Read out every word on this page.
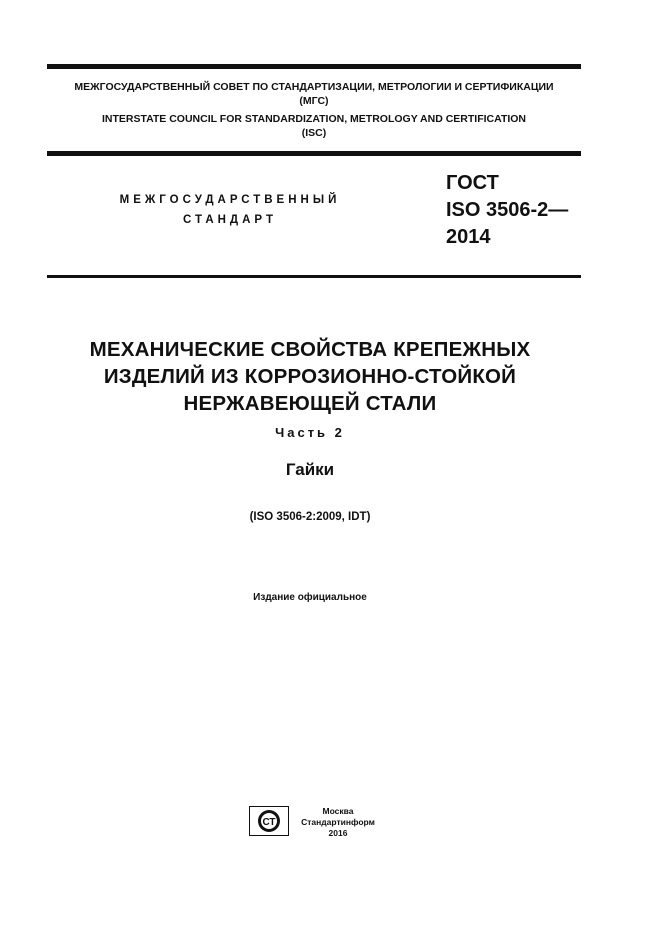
МЕЖГОСУДАРСТВЕННЫЙ СОВЕТ ПО СТАНДАРТИЗАЦИИ, МЕТРОЛОГИИ И СЕРТИФИКАЦИИ
(МГС)
INTERSTATE COUNCIL FOR STANDARDIZATION, METROLOGY AND CERTIFICATION
(ISC)
МЕЖГОСУДАРСТВЕННЫЙ
СТАНДАРТ
ГОСТ
ISO 3506-2—
2014
МЕХАНИЧЕСКИЕ СВОЙСТВА КРЕПЕЖНЫХ
ИЗДЕЛИЙ ИЗ КОРРОЗИОННО-СТОЙКОЙ
НЕРЖАВЕЮЩЕЙ СТАЛИ
Часть 2
Гайки
(ISO 3506-2:2009, IDT)
Издание официальное
СТ
Москва
Стандартинформ
2016
